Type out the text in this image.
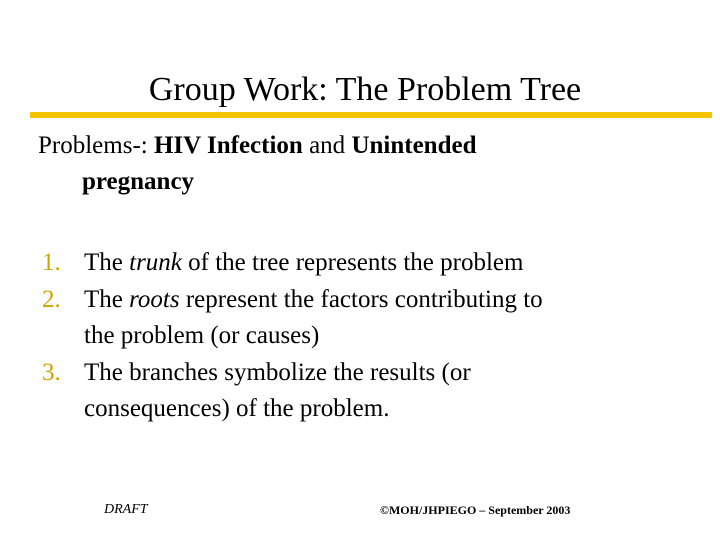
Group Work: The Problem Tree
Problems-: HIV Infection and Unintended
pregnancy
1. The trunk of the tree represents the problem
2. The roots represent the factors contributing to
the problem (or causes)
3. The branches symbolize the results (or
consequences) of the problem.
DRAFT	©MOH/JHPIEGO – September 2003
